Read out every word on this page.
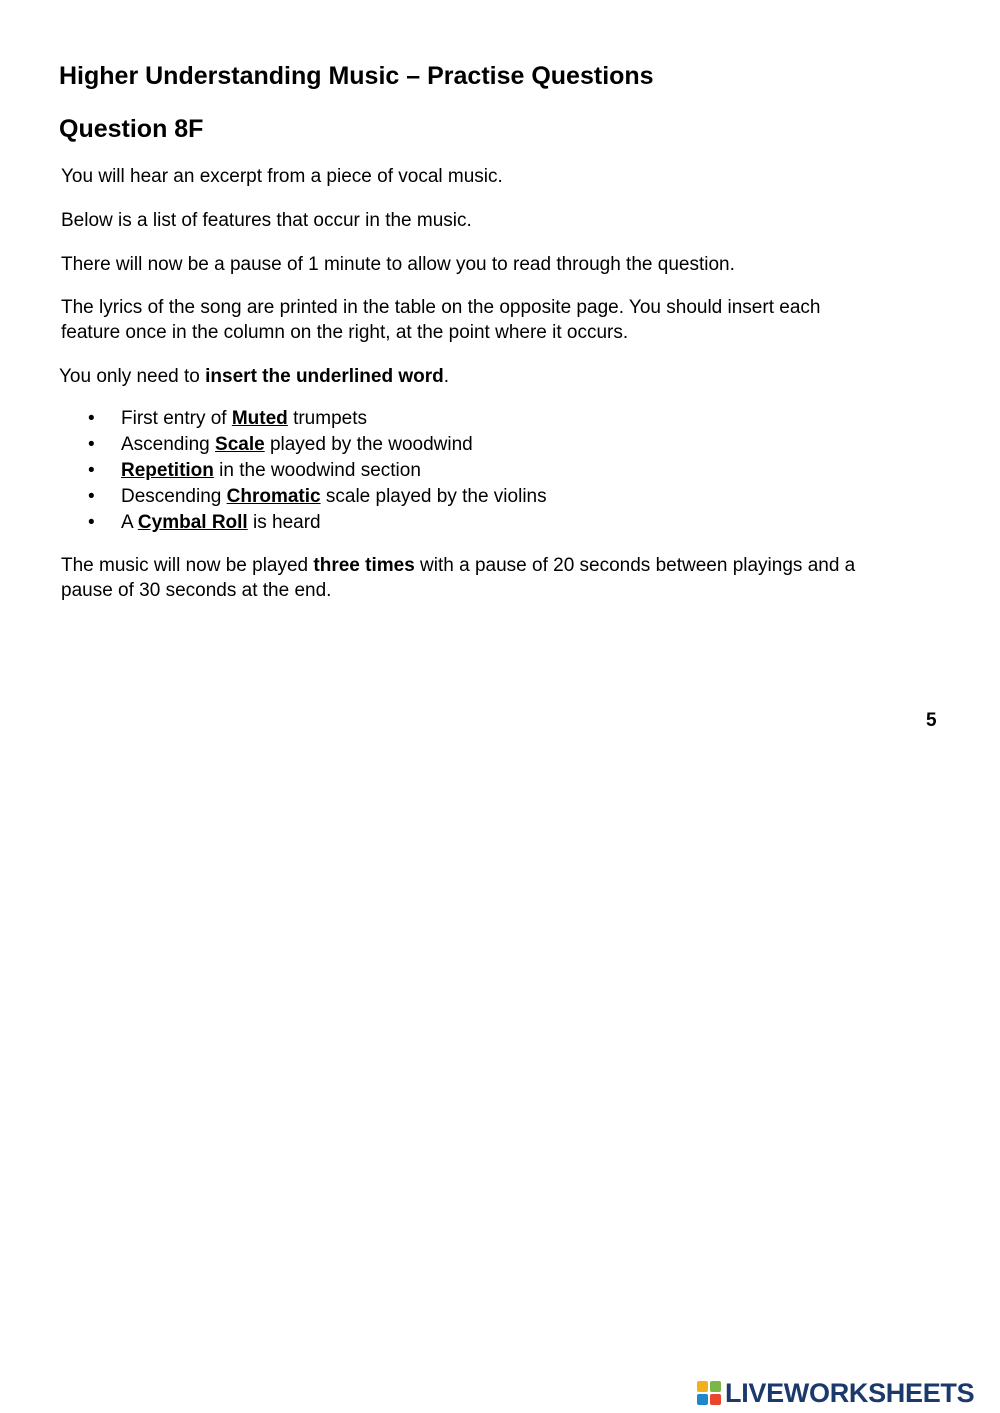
Higher Understanding Music – Practise Questions
Question 8F

You will hear an excerpt from a piece of vocal music.

Below is a list of features that occur in the music.

There will now be a pause of 1 minute to allow you to read through the question.

The lyrics of the song are printed in the table on the opposite page. You should insert each

feature once in the column on the right, at the point where it occurs.

You only need to insert the underlined word.

• First entry of Muted trumpets
• Ascending Scale played by the woodwind
• Repetition in the woodwind section
• Descending Chromatic scale played by the violins
• A Cymbal Roll is heard

The music will now be played three times with a pause of 20 seconds between playings and a

pause of 30 seconds at the end.

5
LIVEWORKSHEETS
